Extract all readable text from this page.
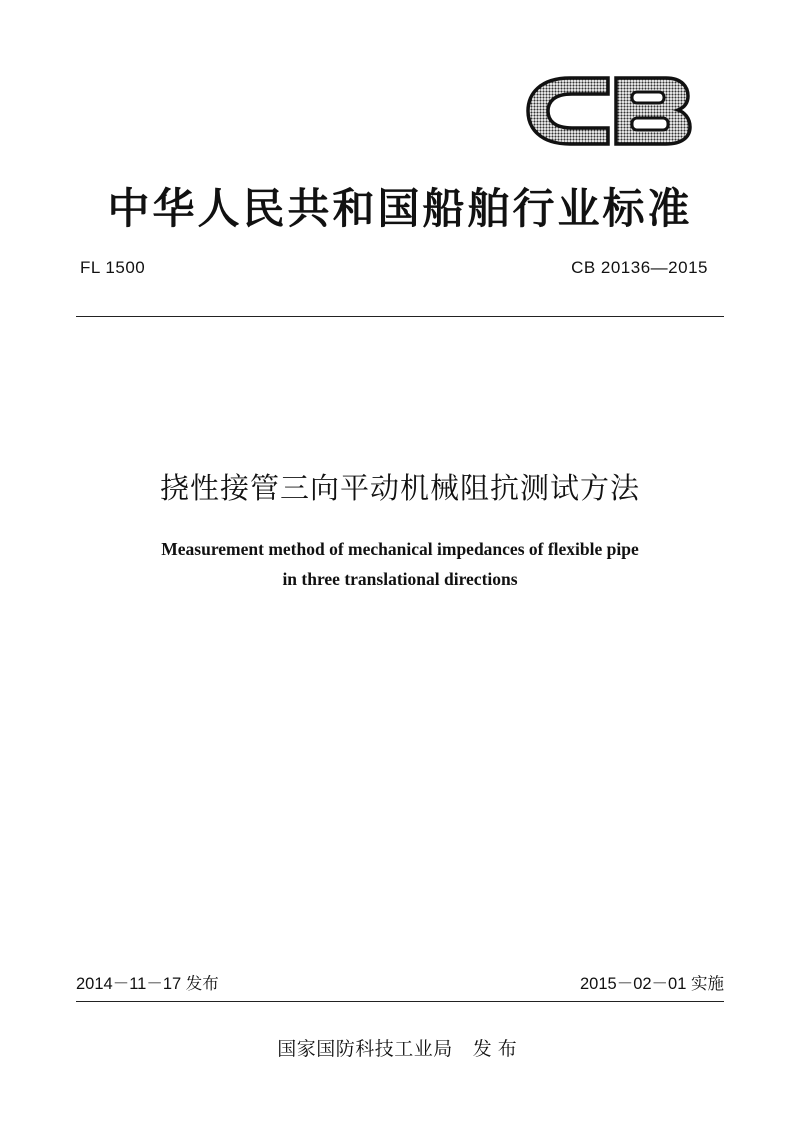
中华人民共和国船舶行业标准
FL 1500	CB 20136—2015
挠性接管三向平动机械阻抗测试方法
Measurement method of mechanical impedances of flexible pipe
in three translational directions
2014－11－17 发布	2015－02－01 实施
国家国防科技工业局 发布
